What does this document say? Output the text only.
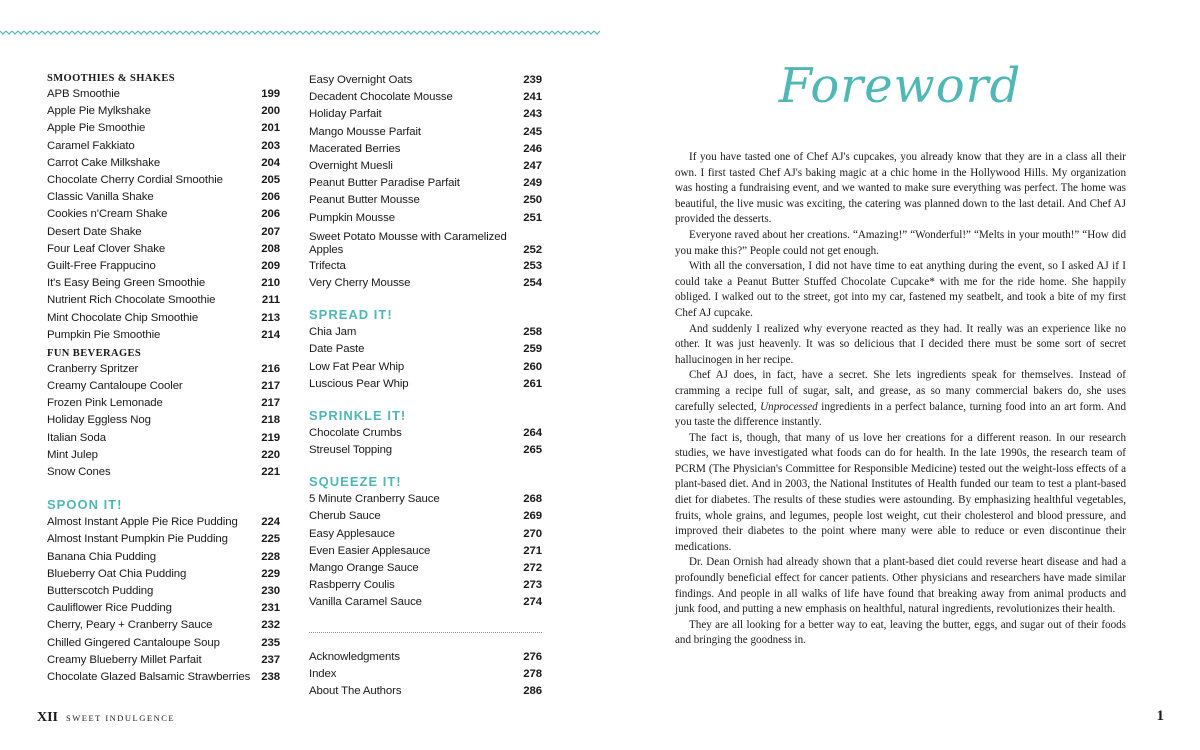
SMOOTHIES & SHAKES
APB Smoothie	199
Apple Pie Mylkshake	200
Apple Pie Smoothie	201
Caramel Fakkiato	203
Carrot Cake Milkshake	204
Chocolate Cherry Cordial Smoothie	205
Classic Vanilla Shake	206
Cookies n'Cream Shake	206
Desert Date Shake	207
Four Leaf Clover Shake	208
Guilt-Free Frappucino	209
It's Easy Being Green Smoothie	210
Nutrient Rich Chocolate Smoothie	211
Mint Chocolate Chip Smoothie	213
Pumpkin Pie Smoothie	214
FUN BEVERAGES
Cranberry Spritzer	216
Creamy Cantaloupe Cooler	217
Frozen Pink Lemonade	217
Holiday Eggless Nog	218
Italian Soda	219
Mint Julep	220
Snow Cones	221
SPOON IT!
Almost Instant Apple Pie Rice Pudding	224
Almost Instant Pumpkin Pie Pudding	225
Banana Chia Pudding	228
Blueberry Oat Chia Pudding	229
Butterscotch Pudding	230
Cauliflower Rice Pudding	231
Cherry, Peary + Cranberry Sauce	232
Chilled Gingered Cantaloupe Soup	235
Creamy Blueberry Millet Parfait	237
Chocolate Glazed Balsamic Strawberries 238
Easy Overnight Oats	239
Decadent Chocolate Mousse	241
Holiday Parfait	243
Mango Mousse Parfait	245
Macerated Berries	246
Overnight Muesli	247
Peanut Butter Paradise Parfait	249
Peanut Butter Mousse	250
Pumpkin Mousse	251
Sweet Potato Mousse with Caramelized Apples	252
Trifecta	253
Very Cherry Mousse	254
SPREAD IT!
Chia Jam	258
Date Paste	259
Low Fat Pear Whip	260
Luscious Pear Whip	261
SPRINKLE IT!
Chocolate Crumbs	264
Streusel Topping	265
SQUEEZE IT!
5 Minute Cranberry Sauce	268
Cherub Sauce	269
Easy Applesauce	270
Even Easier Applesauce	271
Mango Orange Sauce	272
Rasbperry Coulis	273
Vanilla Caramel Sauce	274
Acknowledgments	276
Index	278
About The Authors	286
XII SWEET INDULGENCE	1
Foreword

If you have tasted one of Chef AJ's cupcakes, you already know that they are in a class all their own. I first tasted Chef AJ's baking magic at a chic home in the Hollywood Hills. My organization was hosting a fundraising event, and we wanted to make sure everything was perfect. The home was beautiful, the live music was exciting, the catering was planned down to the last detail. And Chef AJ provided the desserts.

Everyone raved about her creations. “Amazing!” “Wonderful!” “Melts in your mouth!” “How did you make this?” People could not get enough.

With all the conversation, I did not have time to eat anything during the event, so I asked AJ if I could take a Peanut Butter Stuffed Chocolate Cupcake* with me for the ride home. She happily obliged. I walked out to the street, got into my car, fastened my seatbelt, and took a bite of my first Chef AJ cupcake.

And suddenly I realized why everyone reacted as they had. It really was an experience like no other. It was just heavenly. It was so delicious that I decided there must be some sort of secret hallucinogen in her recipe.

Chef AJ does, in fact, have a secret. She lets ingredients speak for themselves. Instead of cramming a recipe full of sugar, salt, and grease, as so many commercial bakers do, she uses carefully selected, Unprocessed ingredients in a perfect balance, turning food into an art form. And you taste the difference instantly.

The fact is, though, that many of us love her creations for a different reason. In our research studies, we have investigated what foods can do for health. In the late 1990s, the research team of PCRM (The Physician's Committee for Responsible Medicine) tested out the weight-loss effects of a plant-based diet. And in 2003, the National Institutes of Health funded our team to test a plant-based diet for diabetes. The results of these studies were astounding. By emphasizing healthful vegetables, fruits, whole grains, and legumes, people lost weight, cut their cholesterol and blood pressure, and improved their diabetes to the point where many were able to reduce or even discontinue their medications.

Dr. Dean Ornish had already shown that a plant-based diet could reverse heart disease and had a profoundly beneficial effect for cancer patients. Other physicians and researchers have made similar findings. And people in all walks of life have found that breaking away from animal products and junk food, and putting a new emphasis on healthful, natural ingredients, revolutionizes their health.

They are all looking for a better way to eat, leaving the butter, eggs, and sugar out of their foods and bringing the goodness in.
